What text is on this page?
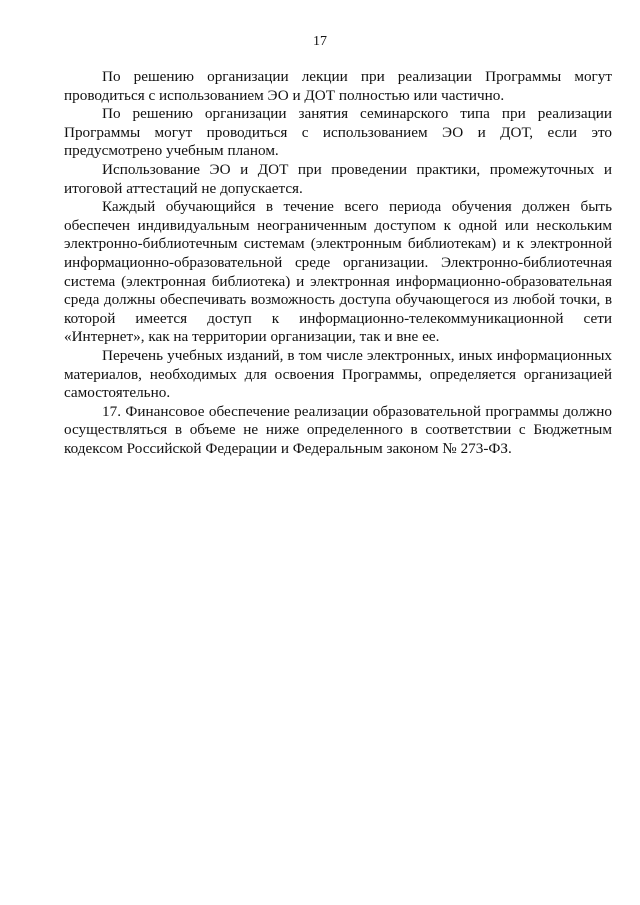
17

По решению организации лекции при реализации Программы могут проводиться с использованием ЭО и ДОТ полностью или частично.

По решению организации занятия семинарского типа при реализации Программы могут проводиться с использованием ЭО и ДОТ, если это предусмотрено учебным планом.

Использование ЭО и ДОТ при проведении практики, промежуточных и итоговой аттестаций не допускается.

Каждый обучающийся в течение всего периода обучения должен быть обеспечен индивидуальным неограниченным доступом к одной или нескольким электронно-библиотечным системам (электронным библиотекам) и к электронной информационно-образовательной среде организации. Электронно-библиотечная система (электронная библиотека) и электронная информационно-образовательная среда должны обеспечивать возможность доступа обучающегося из любой точки, в которой имеется доступ к информационно-телекоммуникационной сети «Интернет», как на территории организации, так и вне ее.

Перечень учебных изданий, в том числе электронных, иных информационных материалов, необходимых для освоения Программы, определяется организацией самостоятельно.

17. Финансовое обеспечение реализации образовательной программы должно осуществляться в объеме не ниже определенного в соответствии с Бюджетным кодексом Российской Федерации и Федеральным законом № 273-ФЗ.
